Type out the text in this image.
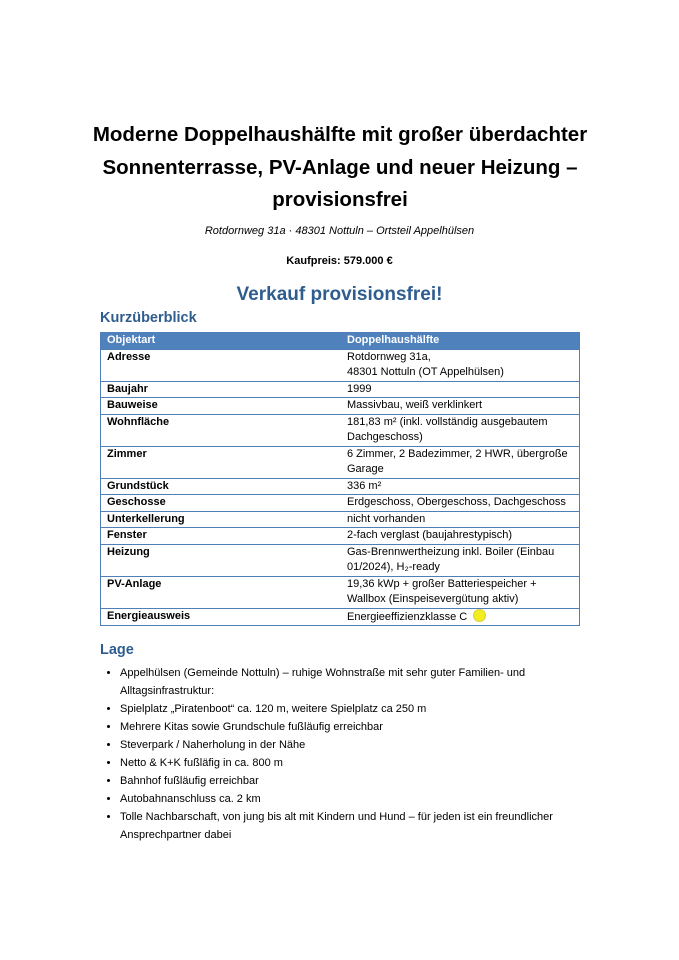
Moderne Doppelhaushälfte mit großer überdachter Sonnenterrasse, PV-Anlage und neuer Heizung – provisionsfrei
Rotdornweg 31a · 48301 Nottuln – Ortsteil Appelhülsen
Kaufpreis: 579.000 €
Verkauf provisionsfrei!
Kurzüberblick
Objektart	Doppelhaushälfte
Adresse	Rotdornweg 31a,
48301 Nottuln (OT Appelhülsen)
Baujahr	1999
Bauweise	Massivbau, weiß verklinkert
Wohnfläche	181,83 m² (inkl. vollständig ausgebautem Dachgeschoss)
Zimmer	6 Zimmer, 2 Badezimmer, 2 HWR, übergroße Garage
Grundstück	336 m²
Geschosse	Erdgeschoss, Obergeschoss, Dachgeschoss
Unterkellerung	nicht vorhanden
Fenster	2-fach verglast (baujahrestypisch)
Heizung	Gas-Brennwertheizung inkl. Boiler (Einbau 01/2024), H₂-ready
PV-Anlage	19,36 kWp + großer Batteriespeicher + Wallbox (Einspeisevergütung aktiv)
Energieausweis	Energieeffizienzklasse C
Lage
• Appelhülsen (Gemeinde Nottuln) – ruhige Wohnstraße mit sehr guter Familien- und Alltagsinfrastruktur:
• Spielplatz „Piratenboot“ ca. 120 m, weitere Spielplatz ca 250 m
• Mehrere Kitas sowie Grundschule fußläufig erreichbar
• Steverpark / Naherholung in der Nähe
• Netto & K+K fußläfig in ca. 800 m
• Bahnhof fußläufig erreichbar
• Autobahnanschluss ca. 2 km
• Tolle Nachbarschaft, von jung bis alt mit Kindern und Hund – für jeden ist ein freundlicher Ansprechpartner dabei
